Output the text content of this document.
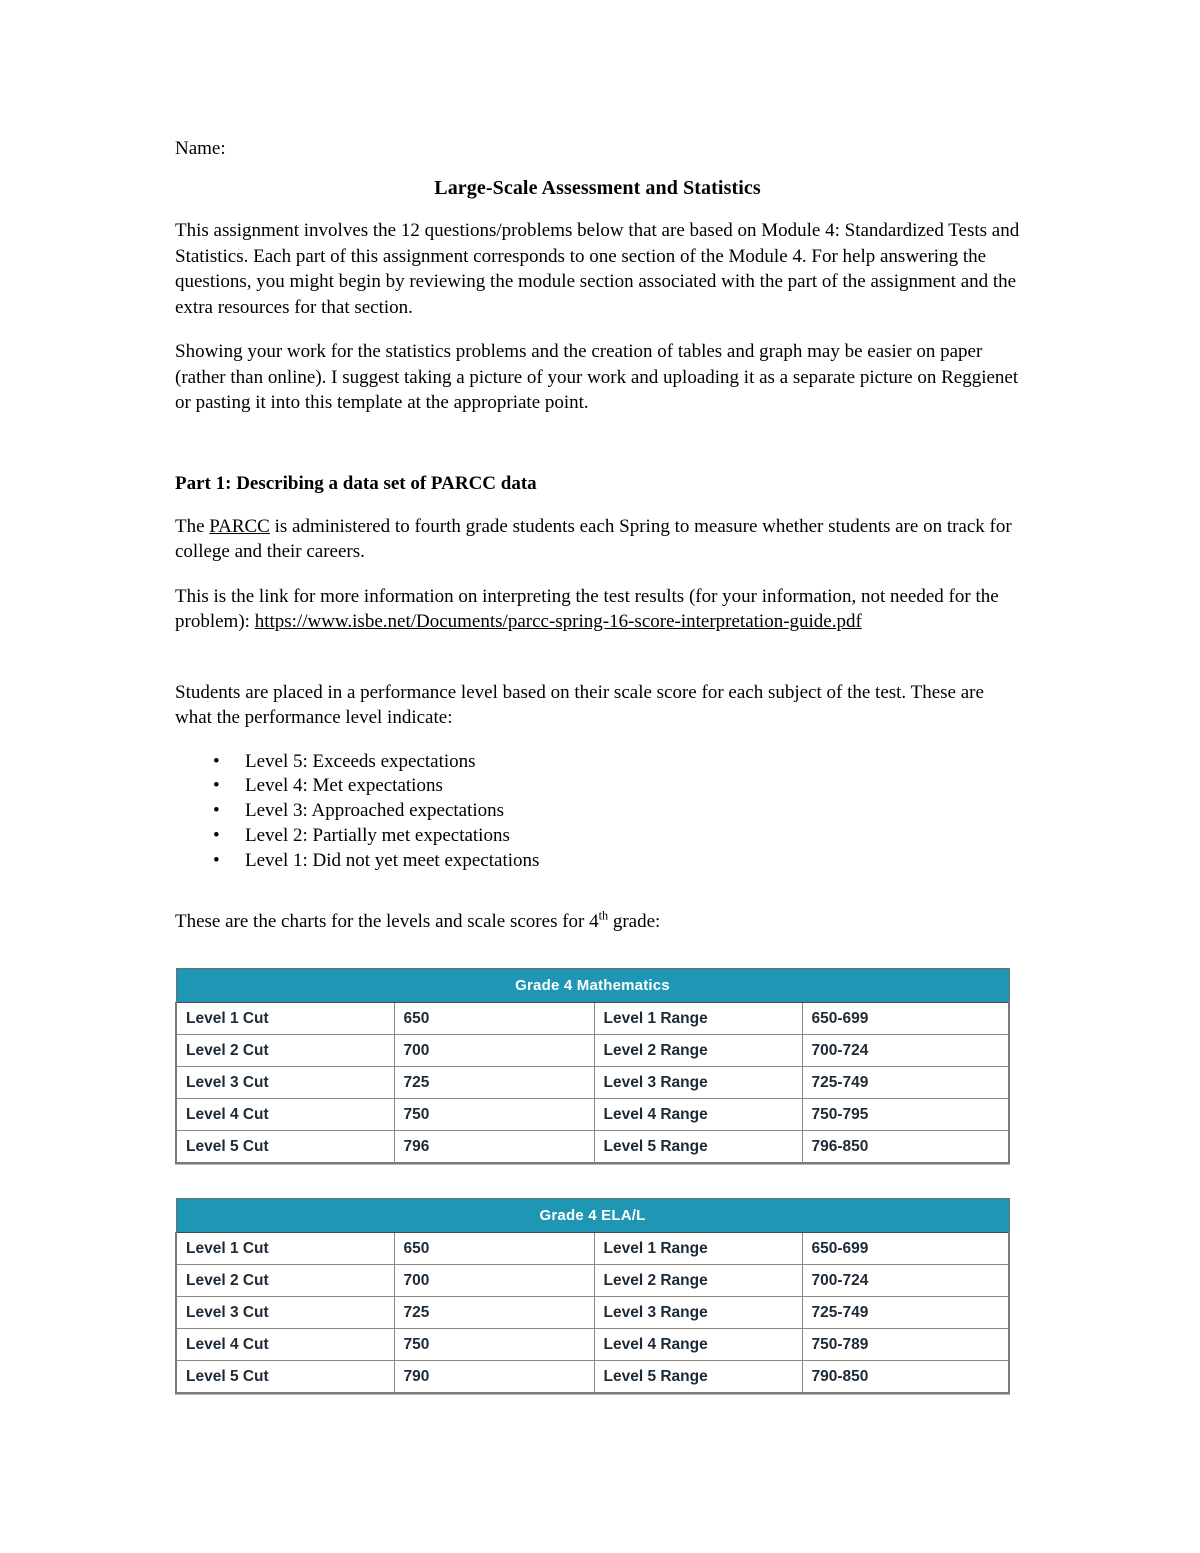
Name:
Large-Scale Assessment and Statistics

This assignment involves the 12 questions/problems below that are based on Module 4: Standardized Tests and Statistics. Each part of this assignment corresponds to one section of the Module 4. For help answering the questions, you might begin by reviewing the module section associated with the part of the assignment and the extra resources for that section.

Showing your work for the statistics problems and the creation of tables and graph may be easier on paper (rather than online). I suggest taking a picture of your work and uploading it as a separate picture on Reggienet or pasting it into this template at the appropriate point.

Part 1: Describing a data set of PARCC data

The PARCC is administered to fourth grade students each Spring to measure whether students are on track for college and their careers.

This is the link for more information on interpreting the test results (for your information, not needed for the problem): https://www.isbe.net/Documents/parcc-spring-16-score-interpretation-guide.pdf

Students are placed in a performance level based on their scale score for each subject of the test. These are what the performance level indicate:

• Level 5: Exceeds expectations
• Level 4: Met expectations
• Level 3: Approached expectations
• Level 2: Partially met expectations
• Level 1: Did not yet meet expectations

These are the charts for the levels and scale scores for 4th grade:

Grade 4 Mathematics			
Level 1 Cut	650	Level 1 Range	650-699
Level 2 Cut	700	Level 2 Range	700-724
Level 3 Cut	725	Level 3 Range	725-749
Level 4 Cut	750	Level 4 Range	750-795
Level 5 Cut	796	Level 5 Range	796-850
Grade 4 ELA/L			
Level 1 Cut	650	Level 1 Range	650-699
Level 2 Cut	700	Level 2 Range	700-724
Level 3 Cut	725	Level 3 Range	725-749
Level 4 Cut	750	Level 4 Range	750-789
Level 5 Cut	790	Level 5 Range	790-850
